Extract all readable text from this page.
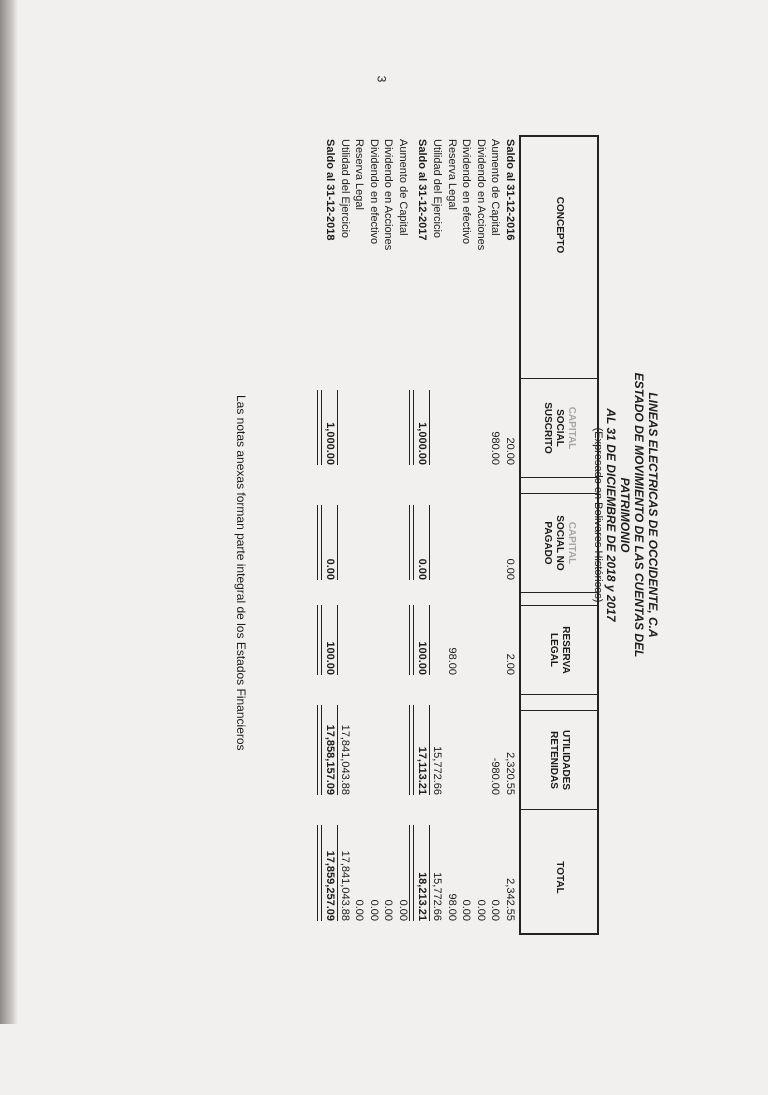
3
LINEAS ELECTRICAS DE OCCIDENTE, C.A
ESTADO DE MOVIMIENTO DE LAS CUENTAS DEL PATRIMONIO
AL 31 DE DICIEMBRE DE 2018 y 2017
(Expresado en Bolivares Históricos)
CONCEPTO
CAPITAL
SOCIAL
SUSCRITO
CAPITAL
SOCIAL NO
PAGADO
RESERVA
LEGAL
UTILIDADES
RETENIDAS
TOTAL
Saldo al 31-12-2016
20.00
0.00
2.00
2,320.55
2,342.55
Aumento de Capital
980.00
-980.00
0.00
Dividendo en Acciones
0.00
Dividendo en efectivo
0.00
Reserva Legal
98.00
98.00
Utilidad del Ejercicio
15,772.66
15,772.66
Saldo al 31-12-2017
1,000.00
0.00
100.00
17,113.21
18,213.21
Aumento de Capital
0.00
Dividendo en Acciones
0.00
Dividendo en efectivo
0.00
Reserva Legal
0.00
Utilidad del Ejercicio
17,841,043.88
17,841,043.88
Saldo al 31-12-2018
1,000.00
0.00
100.00
17,858,157.09
17,859,257.09
Las notas anexas forman parte integral de los Estados Financieros
